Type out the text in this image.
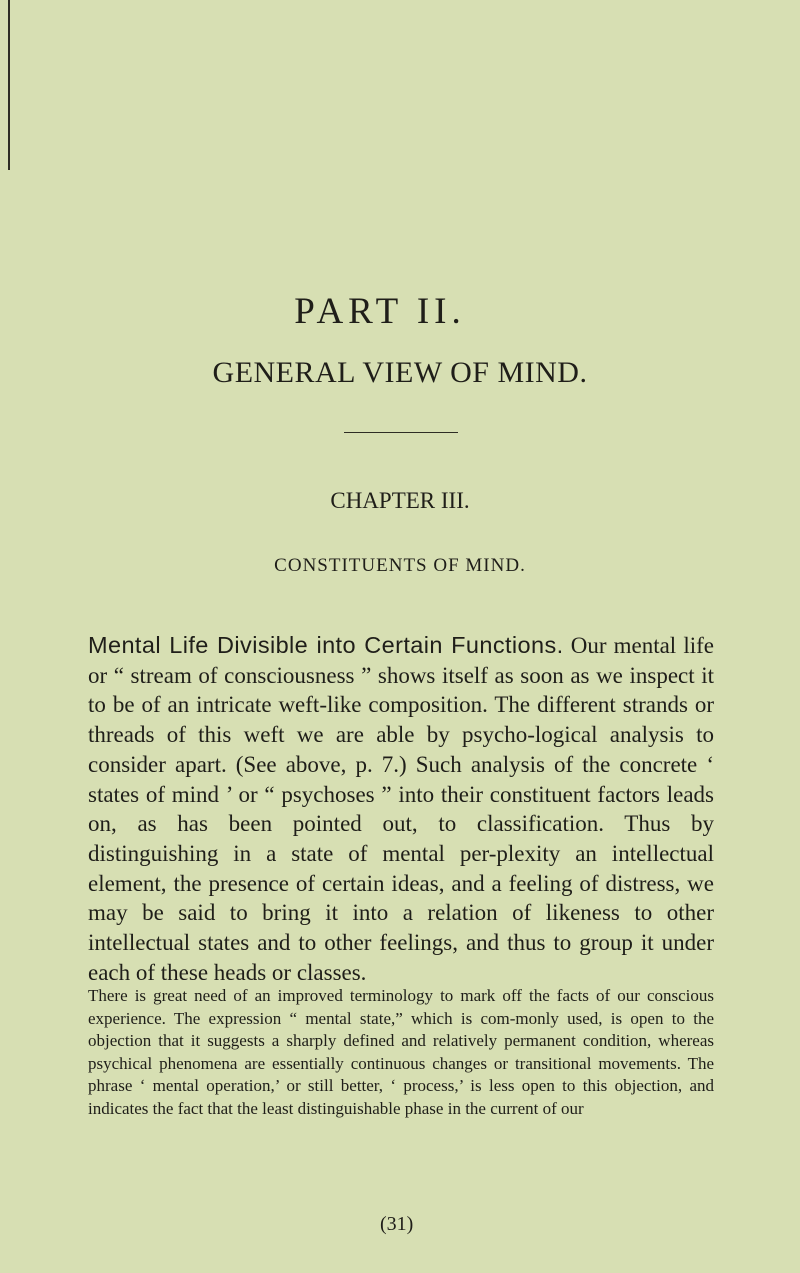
PART II.
GENERAL VIEW OF MIND.
CHAPTER III.
CONSTITUENTS OF MIND.
Mental Life Divisible into Certain Functions. Our mental life or “ stream of consciousness ” shows itself as soon as we inspect it to be of an intricate weft-like composition. The different strands or threads of this weft we are able by psycho-logical analysis to consider apart. (See above, p. 7.) Such analysis of the concrete ‘ states of mind ’ or “ psychoses ” into their constituent factors leads on, as has been pointed out, to classification. Thus by distinguishing in a state of mental per-plexity an intellectual element, the presence of certain ideas, and a feeling of distress, we may be said to bring it into a relation of likeness to other intellectual states and to other feelings, and thus to group it under each of these heads or classes.
There is great need of an improved terminology to mark off the facts of our conscious experience. The expression “ mental state,” which is com-monly used, is open to the objection that it suggests a sharply defined and relatively permanent condition, whereas psychical phenomena are essentially continuous changes or transitional movements. The phrase ‘ mental operation,’ or still better, ‘ process,’ is less open to this objection, and indicates the fact that the least distinguishable phase in the current of our
(31)
